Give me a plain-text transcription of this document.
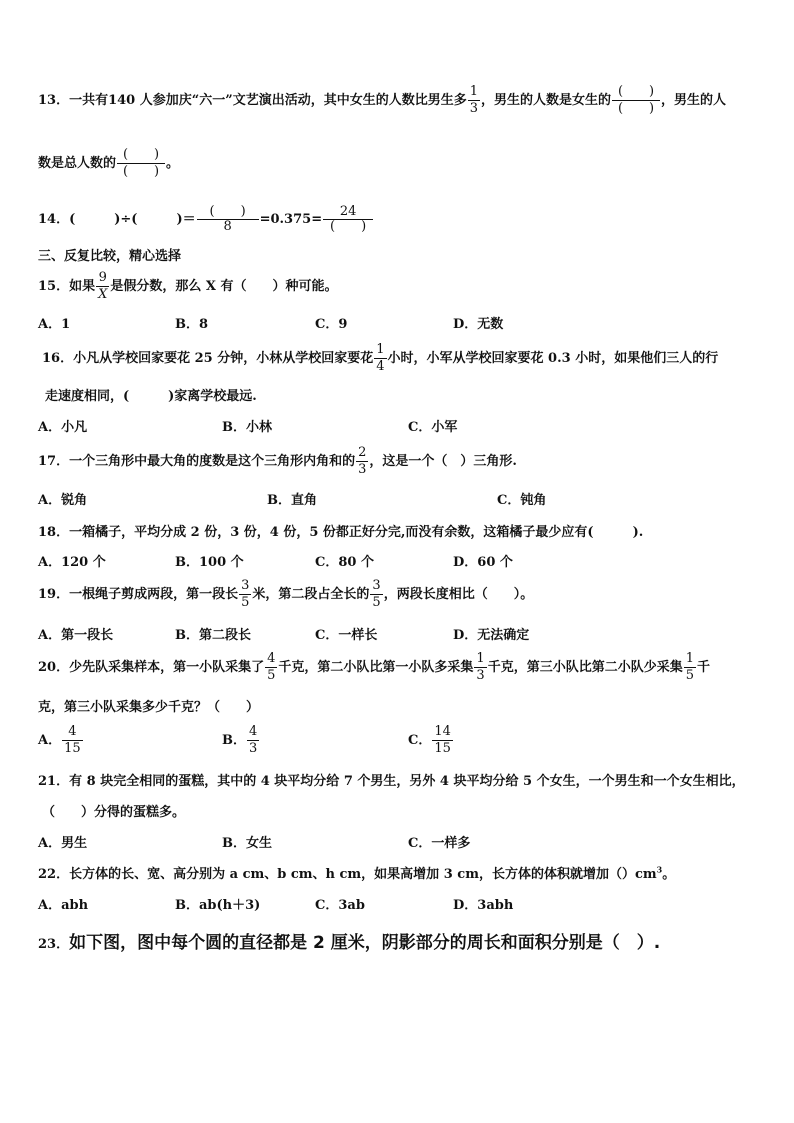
13．一共有140 人参加庆“六一”文艺演出活动，其中女生的人数比男生多 $\frac{1}{3}$ ，男生的人数是女生的 $\frac{( )}{( )}$ ，男生的人
数是总人数的 $\frac{( )}{( )}$ 。
14．(　　　)÷(　　　)＝ $\frac{( )}{8} =0.375= \frac{24}{( )}$
三、反复比较，精心选择
15．如果 $\frac{9}{X}$ 是假分数，那么 X 有（　　）种可能。
A．1	B．8	C．9	D．无数
16．小凡从学校回家要花 25 分钟，小林从学校回家要花 $\frac{1}{4}$ 小时，小军从学校回家要花 0.3 小时，如果他们三人的行
走速度相同，(　　　)家离学校最远.
A．小凡	B．小林	C．小军
17．一个三角形中最大角的度数是这个三角形内角和的 $\frac{2}{3}$ ，这是一个（　）三角形.
A．锐角	B．直角	C．钝角
18．一箱橘子，平均分成 2 份，3 份，4 份，5 份都正好分完,而没有余数，这箱橘子最少应有(　　　).
A．120 个	B．100 个	C．80 个	D．60 个
19．一根绳子剪成两段，第一段长 $\frac{3}{5}$ 米，第二段占全长的 $\frac{3}{5}$ ，两段长度相比（　　）。
A．第一段长	B．第二段长	C．一样长	D．无法确定
20．少先队采集样本，第一小队采集了 $\frac{4}{5}$ 千克，第二小队比第一小队多采集 $\frac{1}{3}$ 千克，第三小队比第二小队少采集 $\frac{1}{5}$ 千
克，第三小队采集多少千克？（　　）
A． $\frac{4}{15}$	B． $\frac{4}{3}$	C． $\frac{14}{15}$
21．有 8 块完全相同的蛋糕，其中的 4 块平均分给 7 个男生，另外 4 块平均分给 5 个女生，一个男生和一个女生相比，
（　　）分得的蛋糕多。
A．男生	B．女生	C．一样多
22．长方体的长、宽、高分别为 a cm、b cm、h cm，如果高增加 3 cm，长方体的体积就增加$()cm^3$。
A．abh	B．ab(h＋3)	C．3ab	D．3abh
23．如下图，图中每个圆的直径都是 2 厘米，阴影部分的周长和面积分别是（　）.
